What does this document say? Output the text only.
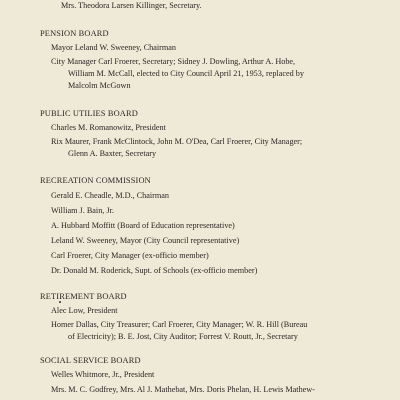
Mrs. Theodora Larsen Killinger, Secretary.
PENSION BOARD
Mayor Leland W. Sweeney, Chairman
City Manager Carl Froerer, Secretary; Sidney J. Dowling, Arthur A. Hobe,
William M. McCall, elected to City Council April 21, 1953, replaced by
Malcolm McGown
PUBLIC UTILIES BOARD
Charles M. Romanowitz, President
Rix Maurer, Frank McClintock, John M. O'Dea, Carl Froerer, City Manager;
Glenn A. Baxter, Secretary
RECREATION COMMISSION
Gerald E. Cheadle, M.D., Chairman
William J. Bain, Jr.
A. Hubbard Moffitt (Board of Education representative)
Leland W. Sweeney, Mayor (City Council representative)
Carl Froerer, City Manager (ex-officio member)
Dr. Donald M. Roderick, Supt. of Schools (ex-officio member)
RETIREMENT BOARD
Alec Low, President
Homer Dallas, City Treasurer; Carl Froerer, City Manager; W. R. Hill (Bureau
of Electricity); B. E. Jost, City Auditor; Forrest V. Routt, Jr., Secretary
SOCIAL SERVICE BOARD
Welles Whitmore, Jr., President
Mrs. M. C. Godfrey, Mrs. Al J. Mathebat, Mrs. Doris Phelan, H. Lewis Mathew-
